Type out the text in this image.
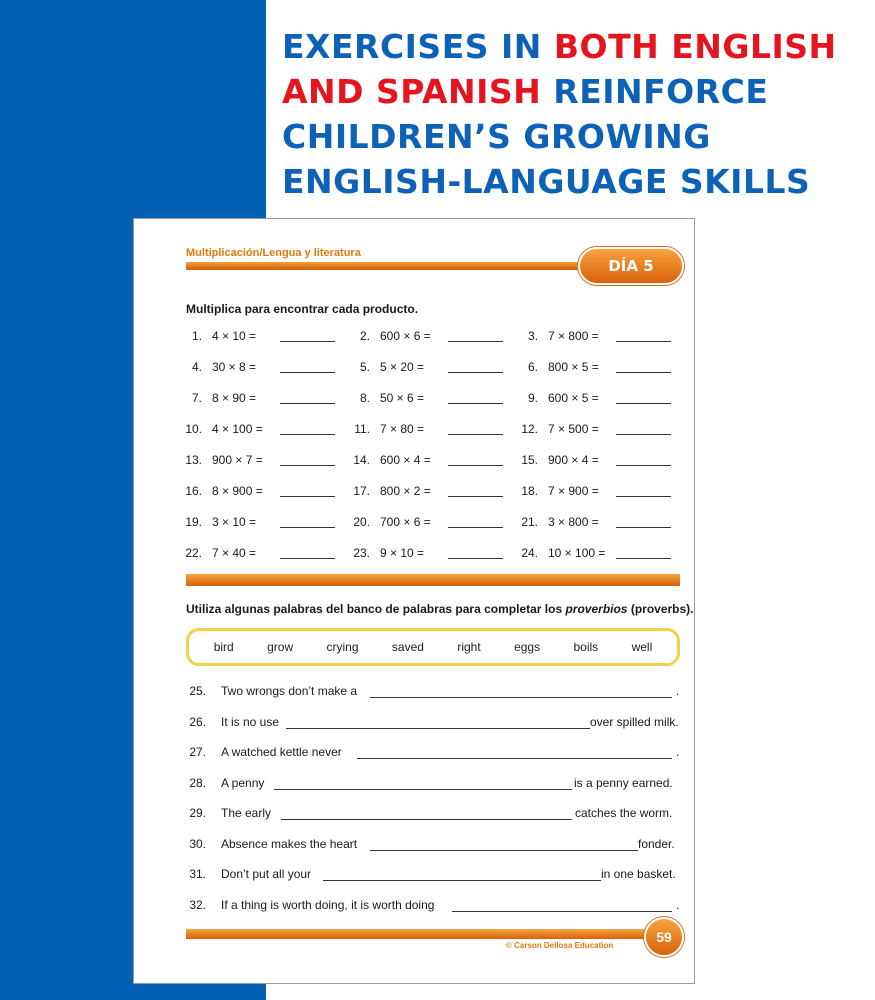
EXERCISES IN BOTH ENGLISH
AND SPANISH REINFORCE
CHILDREN’S GROWING
ENGLISH-LANGUAGE SKILLS
Multiplicación/Lengua y literatura
DÍA 5
Multiplica para encontrar cada producto.
1. 4 × 10 =	2. 600 × 6 =	3. 7 × 800 =
4. 30 × 8 =	5. 5 × 20 =	6. 800 × 5 =
7. 8 × 90 =	8. 50 × 6 =	9. 600 × 5 =
10. 4 × 100 =	11. 7 × 80 =	12. 7 × 500 =
13. 900 × 7 =	14. 600 × 4 =	15. 900 × 4 =
16. 8 × 900 =	17. 800 × 2 =	18. 7 × 900 =
19. 3 × 10 =	20. 700 × 6 =	21. 3 × 800 =
22. 7 × 40 =	23. 9 × 10 =	24. 10 × 100 =
Utiliza algunas palabras del banco de palabras para completar los proverbios (proverbs).
bird	grow	crying	saved	right	eggs	boils	well
25. Two wrongs don’t make a	.
26. It is no use	over spilled milk.
27. A watched kettle never	.
28. A penny	is a penny earned.
29. The early	catches the worm.
30. Absence makes the heart	fonder.
31. Don’t put all your	in one basket.
32. If a thing is worth doing, it is worth doing	.
59
© Carson Dellosa Education
